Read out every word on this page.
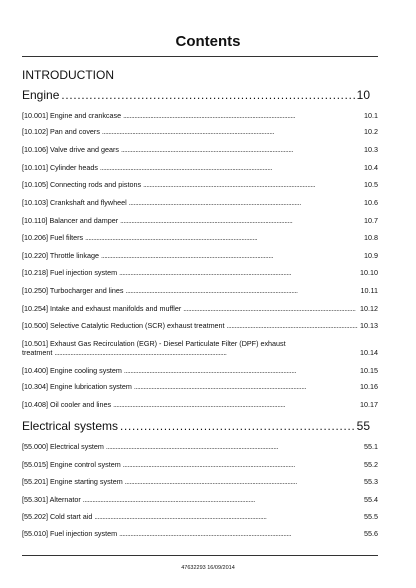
Contents
INTRODUCTION
Engine . . .	10
[10.001] Engine and crankcase . . .	10.1
[10.102] Pan and covers . . .	10.2
[10.106] Valve drive and gears . . .	10.3
[10.101] Cylinder heads . . .	10.4
[10.105] Connecting rods and pistons . . .	10.5
[10.103] Crankshaft and flywheel . . .	10.6
[10.110] Balancer and damper . . .	10.7
[10.206] Fuel filters . . .	10.8
[10.220] Throttle linkage . . .	10.9
[10.218] Fuel injection system . . .	10.10
[10.250] Turbocharger and lines . . .	10.11
[10.254] Intake and exhaust manifolds and muffler . . .	10.12
[10.500] Selective Catalytic Reduction (SCR) exhaust treatment . . .	10.13
[10.501] Exhaust Gas Recirculation (EGR) - Diesel Particulate Filter (DPF) exhaust
treatment . . .	10.14
[10.400] Engine cooling system . . .	10.15
[10.304] Engine lubrication system . . .	10.16
[10.408] Oil cooler and lines . . .	10.17
Electrical systems . . .	55
[55.000] Electrical system . . .	55.1
[55.015] Engine control system . . .	55.2
[55.201] Engine starting system . . .	55.3
[55.301] Alternator . . .	55.4
[55.202] Cold start aid . . .	55.5
[55.010] Fuel injection system . . .	55.6
47632293 16/09/2014
